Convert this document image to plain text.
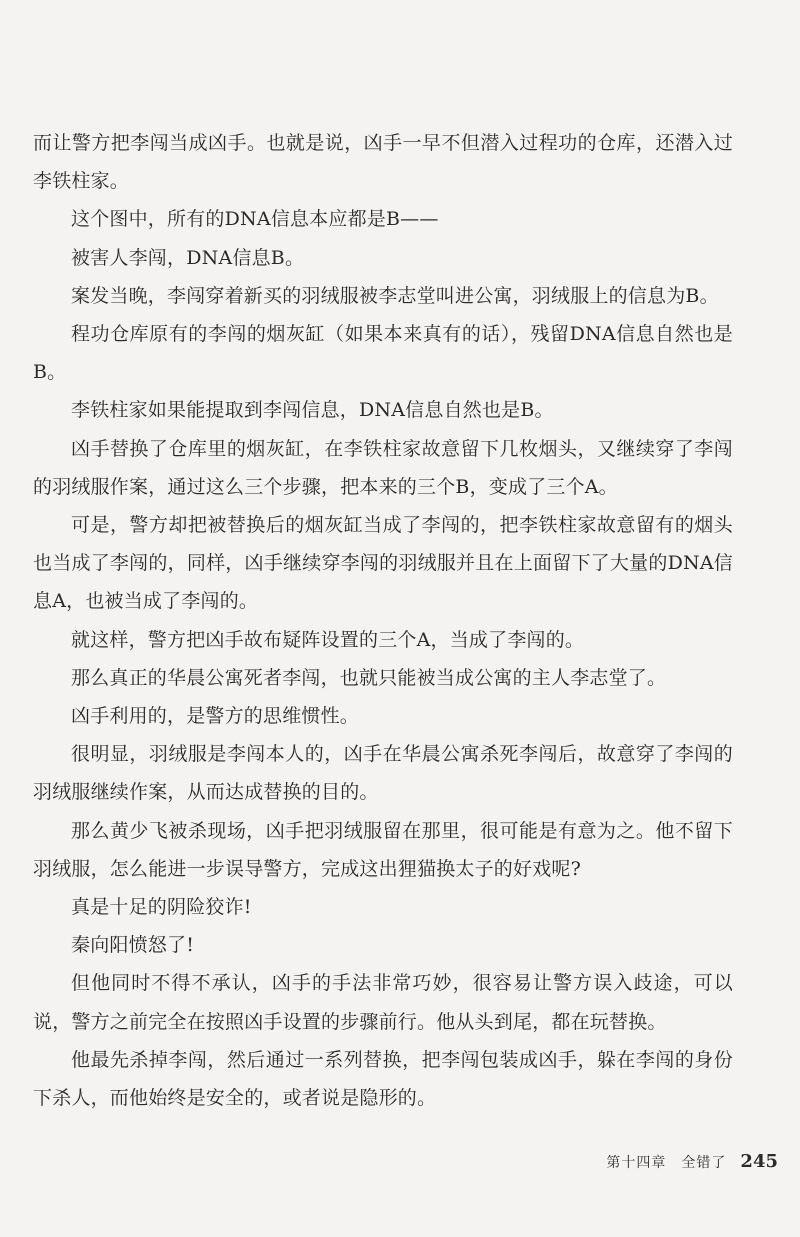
而让警方把李闯当成凶手。也就是说，凶手一早不但潜入过程功的仓库，还潜入过李铁柱家。

这个图中，所有的DNA信息本应都是B——

被害人李闯，DNA信息B。

案发当晚，李闯穿着新买的羽绒服被李志堂叫进公寓，羽绒服上的信息为B。

程功仓库原有的李闯的烟灰缸（如果本来真有的话），残留DNA信息自然也是B。

李铁柱家如果能提取到李闯信息，DNA信息自然也是B。

凶手替换了仓库里的烟灰缸，在李铁柱家故意留下几枚烟头，又继续穿了李闯的羽绒服作案，通过这么三个步骤，把本来的三个B，变成了三个A。

可是，警方却把被替换后的烟灰缸当成了李闯的，把李铁柱家故意留有的烟头也当成了李闯的，同样，凶手继续穿李闯的羽绒服并且在上面留下了大量的DNA信息A，也被当成了李闯的。

就这样，警方把凶手故布疑阵设置的三个A，当成了李闯的。

那么真正的华晨公寓死者李闯，也就只能被当成公寓的主人李志堂了。

凶手利用的，是警方的思维惯性。

很明显，羽绒服是李闯本人的，凶手在华晨公寓杀死李闯后，故意穿了李闯的羽绒服继续作案，从而达成替换的目的。

那么黄少飞被杀现场，凶手把羽绒服留在那里，很可能是有意为之。他不留下羽绒服，怎么能进一步误导警方，完成这出狸猫换太子的好戏呢?

真是十足的阴险狡诈!

秦向阳愤怒了!

但他同时不得不承认，凶手的手法非常巧妙，很容易让警方误入歧途，可以说，警方之前完全在按照凶手设置的步骤前行。他从头到尾，都在玩替换。

他最先杀掉李闯，然后通过一系列替换，把李闯包装成凶手，躲在李闯的身份下杀人，而他始终是安全的，或者说是隐形的。

第十四章　全错了 245
